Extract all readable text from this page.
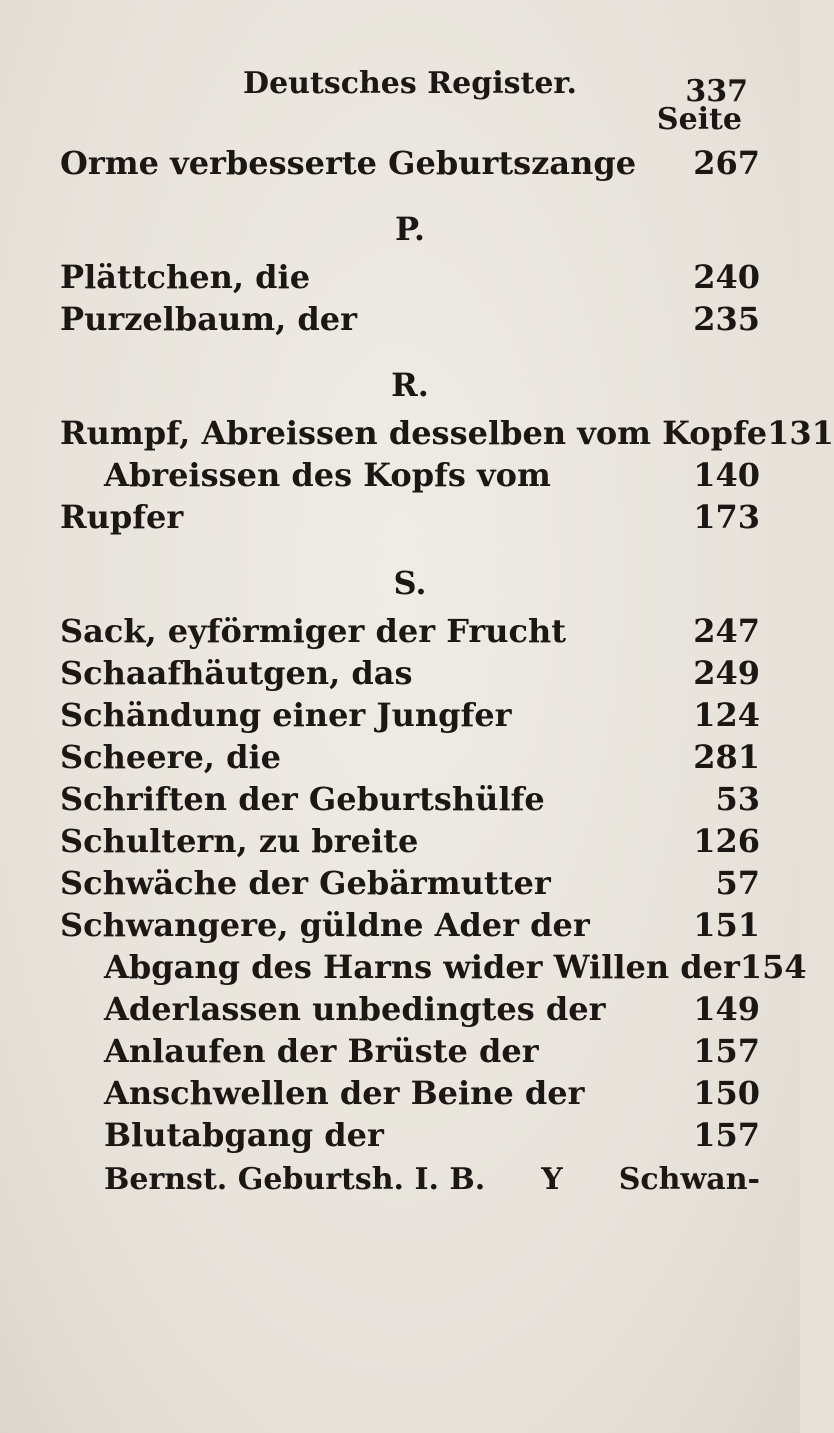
Deutsches Register.	337
Seite
Orme verbesserte Geburtszange	267
P.
Plättchen, die	240
Purzelbaum, der	235
R.
Rumpf, Abreissen desselben vom Kopfe 131
Abreissen des Kopfs vom	140
Rupfer	173
S.
Sack, eyförmiger der Frucht	247
Schaafhäutgen, das	249
Schändung einer Jungfer	124
Scheere, die	281
Schriften der Geburtshülfe	53
Schultern, zu breite	126
Schwäche der Gebärmutter	57
Schwangere, güldne Ader der	151
Abgang des Harns wider Willen der 154
Aderlassen unbedingtes der	149
Anlaufen der Brüste der	157
Anschwellen der Beine der	150
Blutabgang der	157
Bernst. Geburtsh. I. B. Y Schwan-
